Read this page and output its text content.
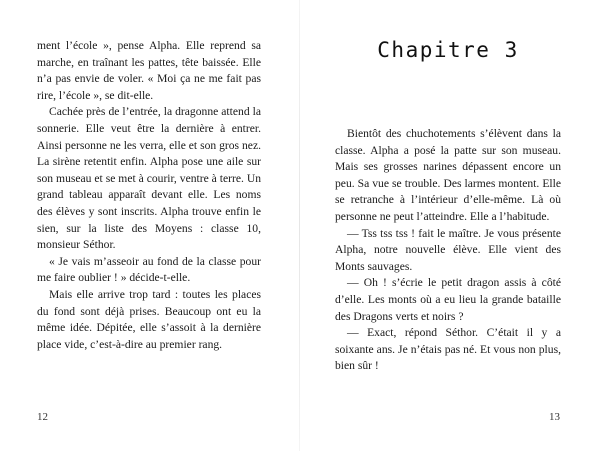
ment l’école », pense Alpha. Elle reprend sa marche, en traînant les pattes, tête baissée. Elle n’a pas envie de voler. « Moi ça ne me fait pas rire, l’école », se dit-elle.

Cachée près de l’entrée, la dragonne attend la sonnerie. Elle veut être la dernière à entrer. Ainsi personne ne les verra, elle et son gros nez. La sirène retentit enfin. Alpha pose une aile sur son museau et se met à courir, ventre à terre. Un grand tableau apparaît devant elle. Les noms des élèves y sont inscrits. Alpha trouve enfin le sien, sur la liste des Moyens : classe 10, monsieur Séthor.

« Je vais m’asseoir au fond de la classe pour me faire oublier ! » décide-t-elle.

Mais elle arrive trop tard : toutes les places du fond sont déjà prises. Beaucoup ont eu la même idée. Dépitée, elle s’assoit à la dernière place vide, c’est-à-dire au premier rang.

12
Chapitre 3

Bientôt des chuchotements s’élèvent dans la classe. Alpha a posé la patte sur son museau. Mais ses grosses narines dépassent encore un peu. Sa vue se trouble. Des larmes montent. Elle se retranche à l’intérieur d’elle-même. Là où personne ne peut l’atteindre. Elle a l’habitude.

— Tss tss tss ! fait le maître. Je vous présente Alpha, notre nouvelle élève. Elle vient des Monts sauvages.

— Oh ! s’écrie le petit dragon assis à côté d’elle. Les monts où a eu lieu la grande bataille des Dragons verts et noirs ?

— Exact, répond Séthor. C’était il y a soixante ans. Je n’étais pas né. Et vous non plus, bien sûr !

13
